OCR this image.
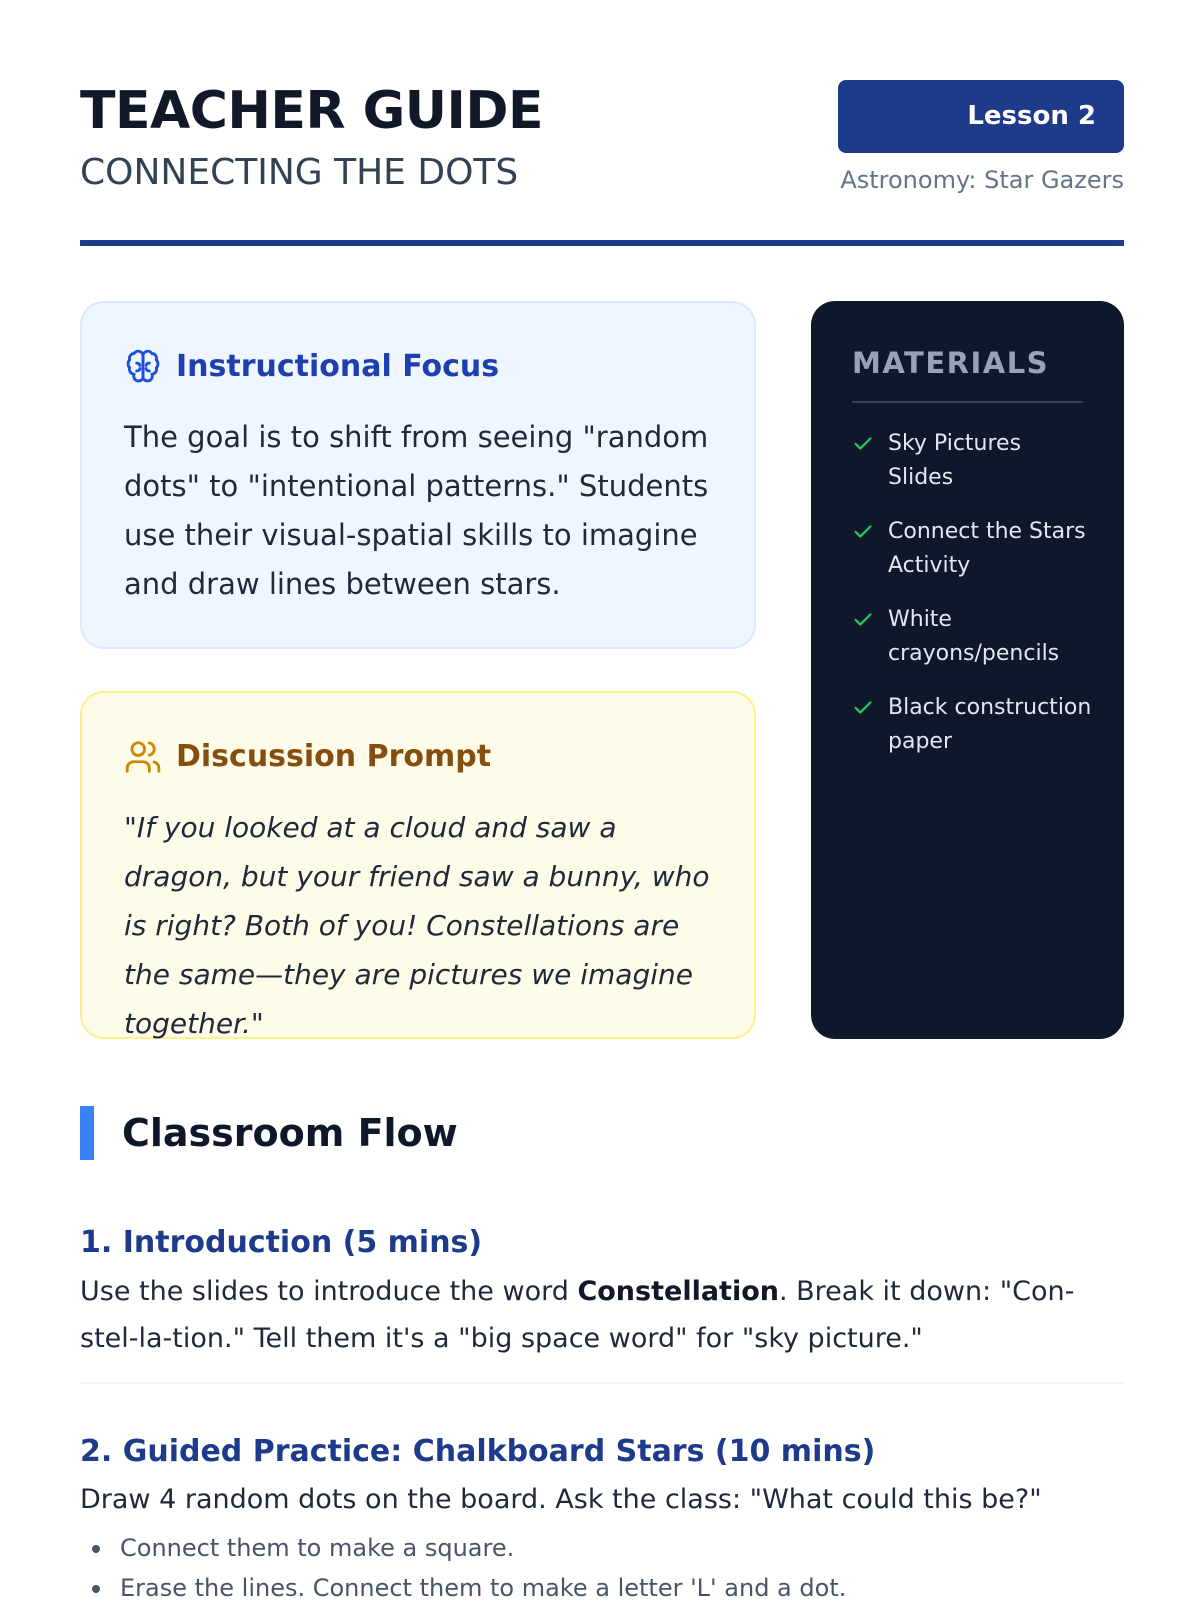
TEACHER GUIDE
CONNECTING THE DOTS
Lesson 2
Astronomy: Star Gazers
Instructional Focus
The goal is to shift from seeing "random dots" to "intentional patterns." Students use their visual-spatial skills to imagine and draw lines between stars.
Discussion Prompt
"If you looked at a cloud and saw a dragon, but your friend saw a bunny, who is right? Both of you! Constellations are the same—they are pictures we imagine together."
MATERIALS
Sky Pictures Slides
Connect the Stars Activity
White crayons/pencils
Black construction paper
Classroom Flow
1. Introduction (5 mins)
Use the slides to introduce the word Constellation. Break it down: "Con-stel-la-tion." Tell them it's a "big space word" for "sky picture."
2. Guided Practice: Chalkboard Stars (10 mins)
Draw 4 random dots on the board. Ask the class: "What could this be?"
Connect them to make a square.
Erase the lines. Connect them to make a letter 'L' and a dot.
